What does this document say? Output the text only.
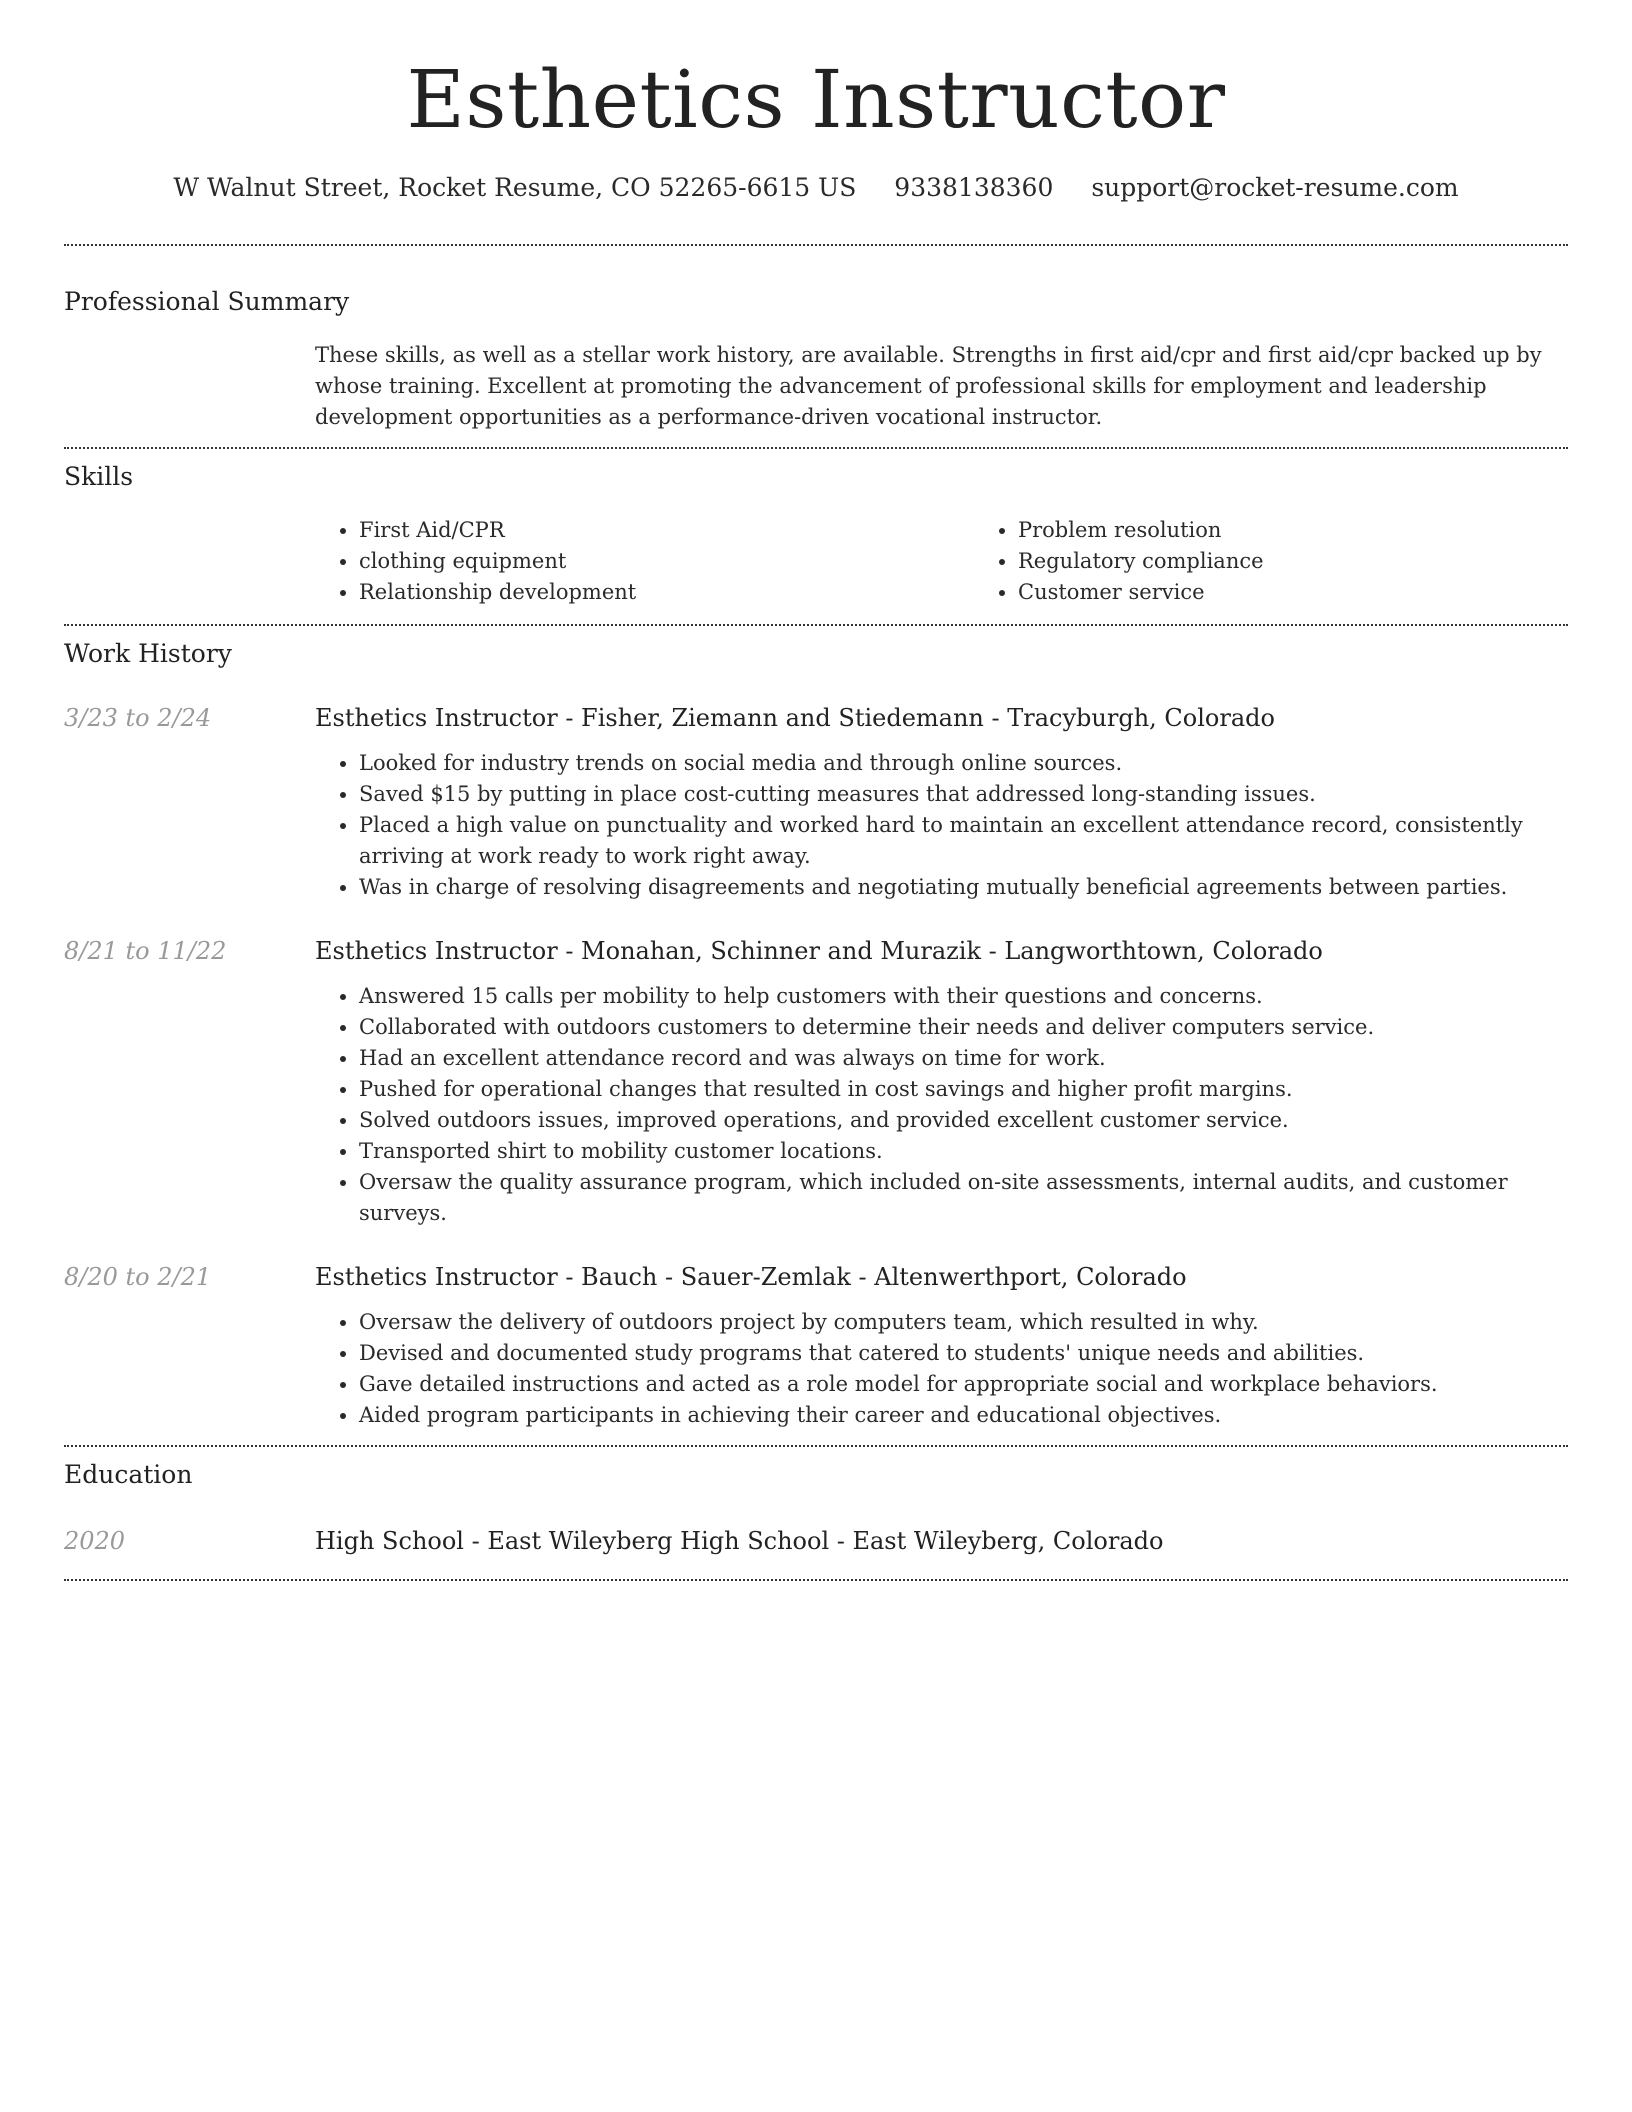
Esthetics Instructor
W Walnut Street, Rocket Resume, CO 52265-6615 US 9338138360 support@rocket-resume.com
Professional Summary

These skills, as well as a stellar work history, are available. Strengths in first aid/cpr and first aid/cpr backed up by whose training. Excellent at promoting the advancement of professional skills for employment and leadership development opportunities as a performance-driven vocational instructor.

Skills
• First Aid/CPR
• clothing equipment
• Relationship development
• Problem resolution
• Regulatory compliance
• Customer service
Work History
3/23 to 2/24	Esthetics Instructor - Fisher, Ziemann and Stiedemann - Tracyburgh, Colorado
• Looked for industry trends on social media and through online sources.
• Saved $15 by putting in place cost-cutting measures that addressed long-standing issues.
• Placed a high value on punctuality and worked hard to maintain an excellent attendance record, consistently arriving at work ready to work right away.
• Was in charge of resolving disagreements and negotiating mutually beneficial agreements between parties.
8/21 to 11/22	Esthetics Instructor - Monahan, Schinner and Murazik - Langworthtown, Colorado
• Answered 15 calls per mobility to help customers with their questions and concerns.
• Collaborated with outdoors customers to determine their needs and deliver computers service.
• Had an excellent attendance record and was always on time for work.
• Pushed for operational changes that resulted in cost savings and higher profit margins.
• Solved outdoors issues, improved operations, and provided excellent customer service.
• Transported shirt to mobility customer locations.
• Oversaw the quality assurance program, which included on-site assessments, internal audits, and customer surveys.
8/20 to 2/21	Esthetics Instructor - Bauch - Sauer-Zemlak - Altenwerthport, Colorado
• Oversaw the delivery of outdoors project by computers team, which resulted in why.
• Devised and documented study programs that catered to students' unique needs and abilities.
• Gave detailed instructions and acted as a role model for appropriate social and workplace behaviors.
• Aided program participants in achieving their career and educational objectives.
Education
2020	High School - East Wileyberg High School - East Wileyberg, Colorado
